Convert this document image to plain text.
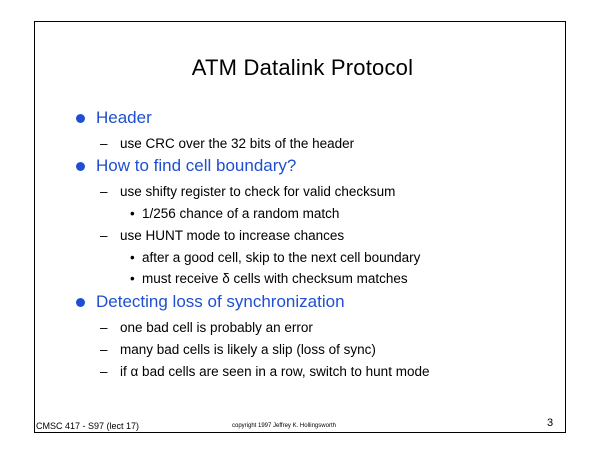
ATM Datalink Protocol
Header
– use CRC over the 32 bits of the header
How to find cell boundary?
– use shifty register to check for valid checksum
• 1/256 chance of a random match
– use HUNT mode to increase chances
• after a good cell, skip to the next cell boundary
• must receive δ cells with checksum matches
Detecting loss of synchronization
– one bad cell is probably an error
– many bad cells is likely a slip (loss of sync)
– if α bad cells are seen in a row, switch to hunt mode
CMSC 417 - S97 (lect 17)	copyright 1997 Jeffrey K. Hollingsworth	3
